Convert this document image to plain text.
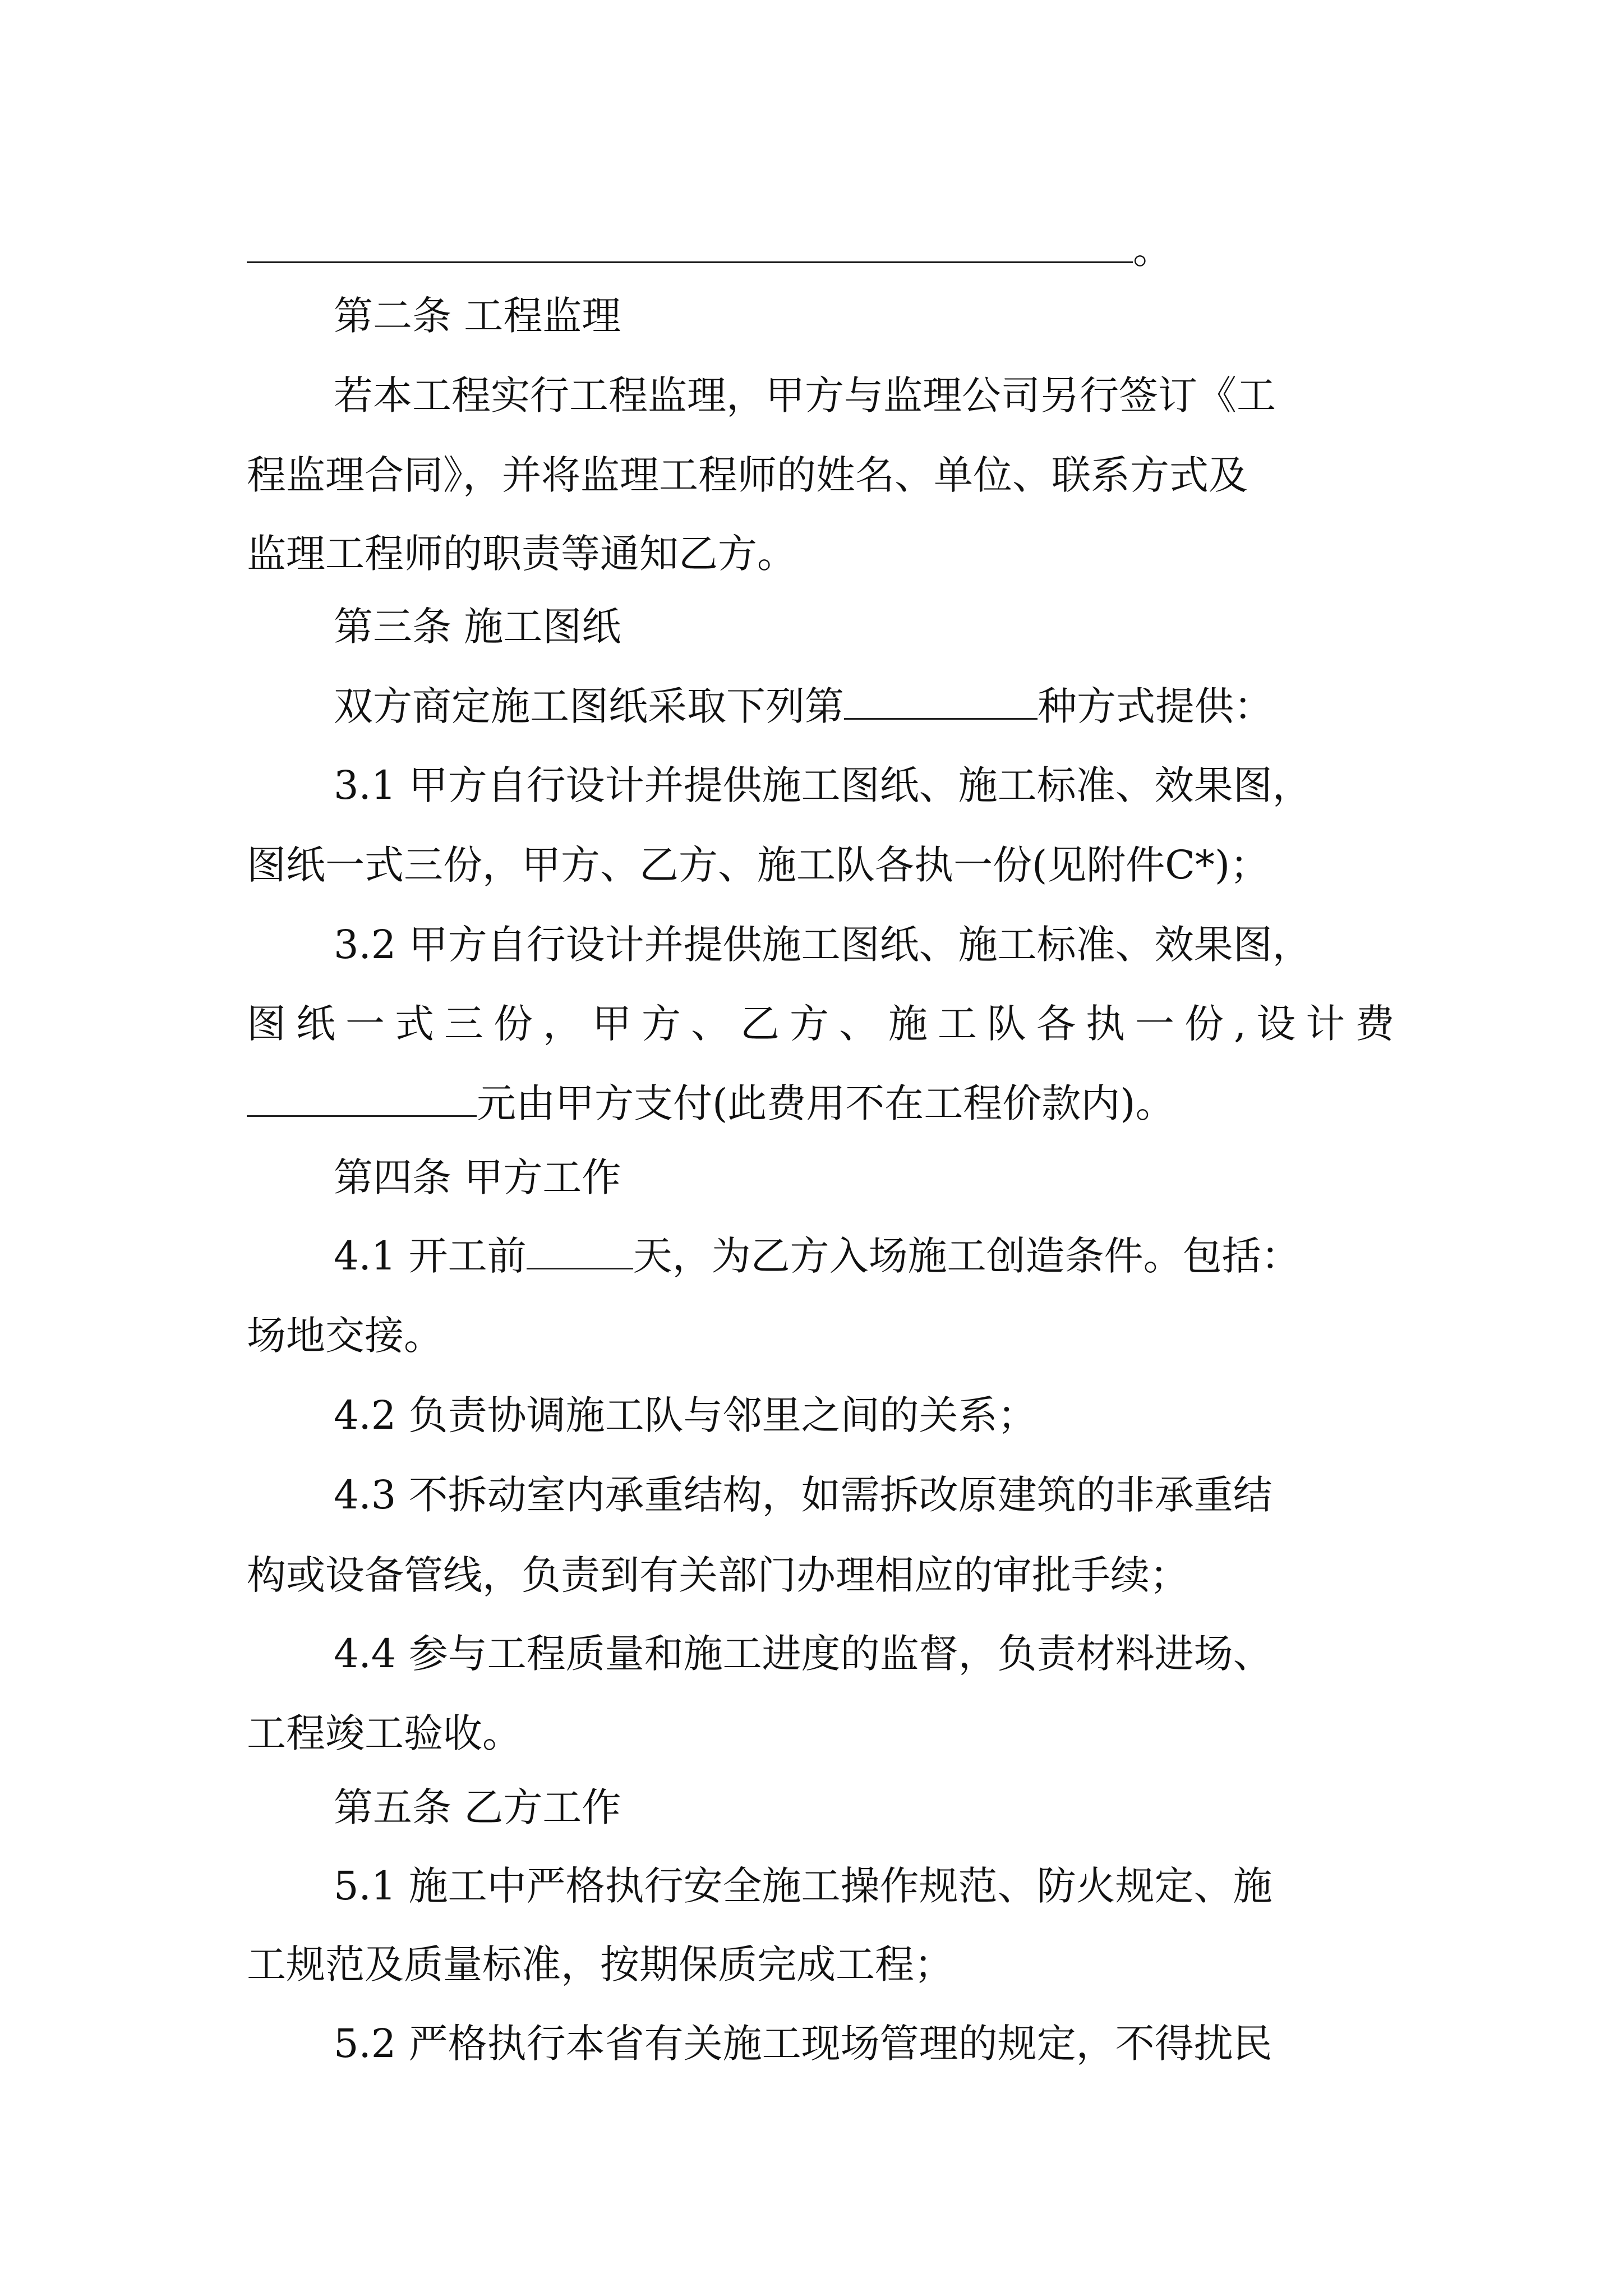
。

第二条 工程监理

若本工程实行工程监理，甲方与监理公司另行签订《工

程监理合同》，并将监理工程师的姓名、单位、联系方式及

监理工程师的职责等通知乙方。

第三条 施工图纸

双方商定施工图纸采取下列第	种方式提供：

3.1 甲方自行设计并提供施工图纸、施工标准、效果图，

图纸一式三份，甲方、乙方、施工队各执一份(见附件C*)；

3.2 甲方自行设计并提供施工图纸、施工标准、效果图，

图纸一式三份，甲方、乙方、施工队各执一份,设计费

元由甲方支付(此费用不在工程价款内)。

第四条 甲方工作

4.1 开工前	天，为乙方入场施工创造条件。包括：

场地交接。

4.2 负责协调施工队与邻里之间的关系；

4.3 不拆动室内承重结构，如需拆改原建筑的非承重结

构或设备管线，负责到有关部门办理相应的审批手续；

4.4 参与工程质量和施工进度的监督，负责材料进场、

工程竣工验收。

第五条 乙方工作

5.1 施工中严格执行安全施工操作规范、防火规定、施

工规范及质量标准，按期保质完成工程；

5.2 严格执行本省有关施工现场管理的规定，不得扰民
